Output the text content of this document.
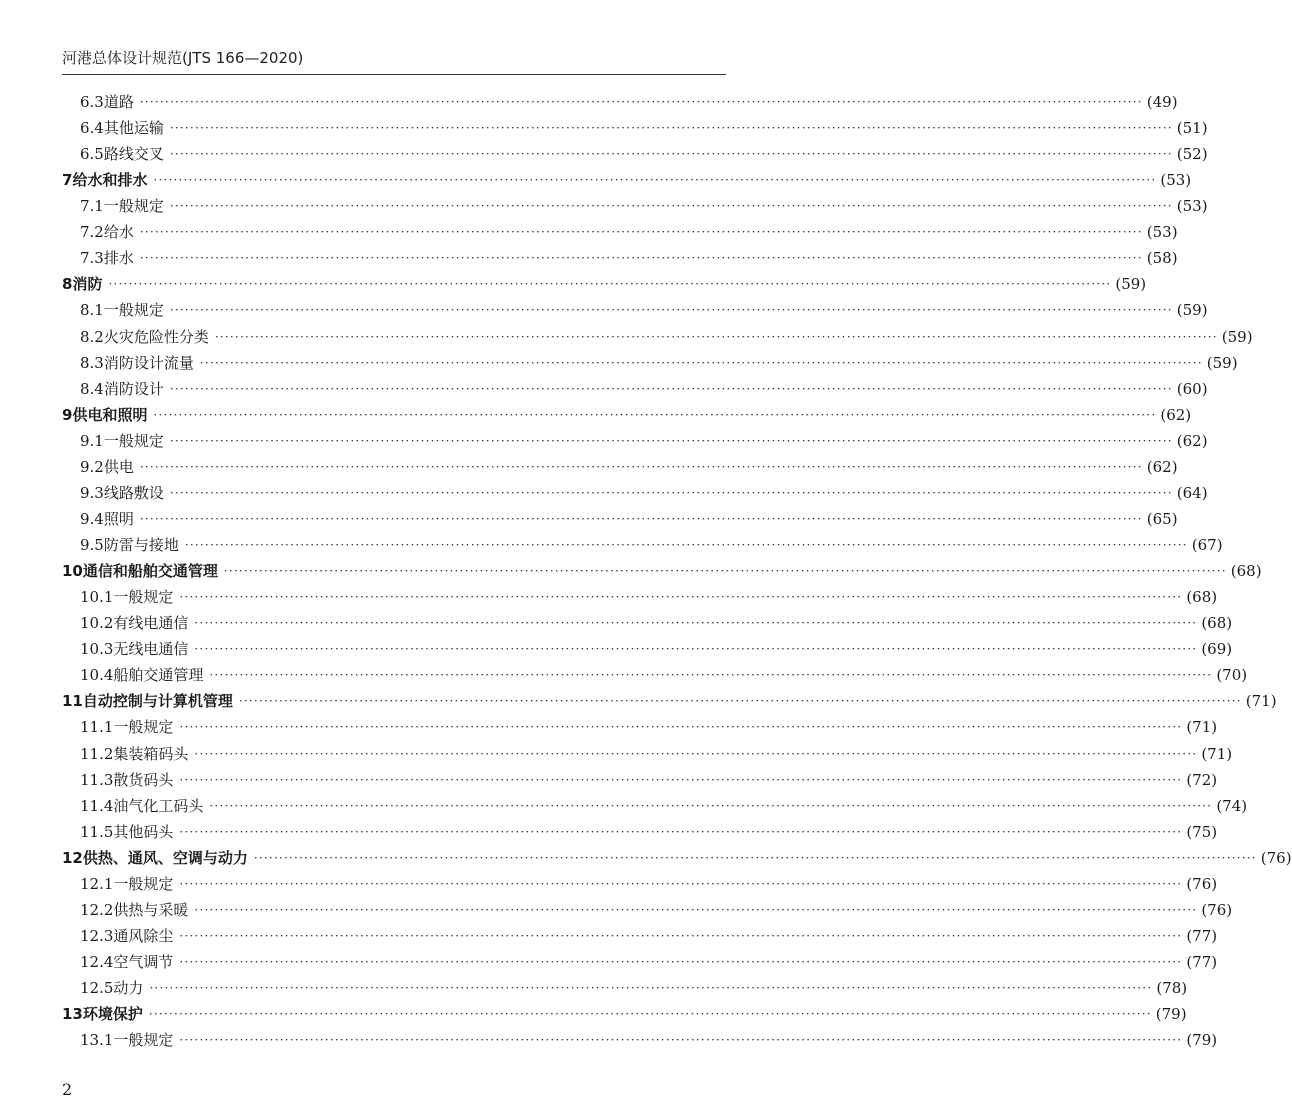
河港总体设计规范(JTS 166—2020)
6.3 道路 ········································································································································································································ (49)
6.4 其他运输 ········································································································································································································ (51)
6.5 路线交叉 ········································································································································································································ (52)
7 给水和排水 ········································································································································································································ (53)
7.1 一般规定 ········································································································································································································ (53)
7.2 给水 ········································································································································································································ (53)
7.3 排水 ········································································································································································································ (58)
8 消防 ········································································································································································································ (59)
8.1 一般规定 ········································································································································································································ (59)
8.2 火灾危险性分类 ········································································································································································································ (59)
8.3 消防设计流量 ········································································································································································································ (59)
8.4 消防设计 ········································································································································································································ (60)
9 供电和照明 ········································································································································································································ (62)
9.1 一般规定 ········································································································································································································ (62)
9.2 供电 ········································································································································································································ (62)
9.3 线路敷设 ········································································································································································································ (64)
9.4 照明 ········································································································································································································ (65)
9.5 防雷与接地 ········································································································································································································ (67)
10 通信和船舶交通管理 ········································································································································································································ (68)
10.1 一般规定 ········································································································································································································ (68)
10.2 有线电通信 ········································································································································································································ (68)
10.3 无线电通信 ········································································································································································································ (69)
10.4 船舶交通管理 ········································································································································································································ (70)
11 自动控制与计算机管理 ········································································································································································································ (71)
11.1 一般规定 ········································································································································································································ (71)
11.2 集装箱码头 ········································································································································································································ (71)
11.3 散货码头 ········································································································································································································ (72)
11.4 油气化工码头 ········································································································································································································ (74)
11.5 其他码头 ········································································································································································································ (75)
12 供热、通风、空调与动力 ········································································································································································································ (76)
12.1 一般规定 ········································································································································································································ (76)
12.2 供热与采暖 ········································································································································································································ (76)
12.3 通风除尘 ········································································································································································································ (77)
12.4 空气调节 ········································································································································································································ (77)
12.5 动力 ········································································································································································································ (78)
13 环境保护 ········································································································································································································ (79)
13.1 一般规定 ········································································································································································································ (79)
2
